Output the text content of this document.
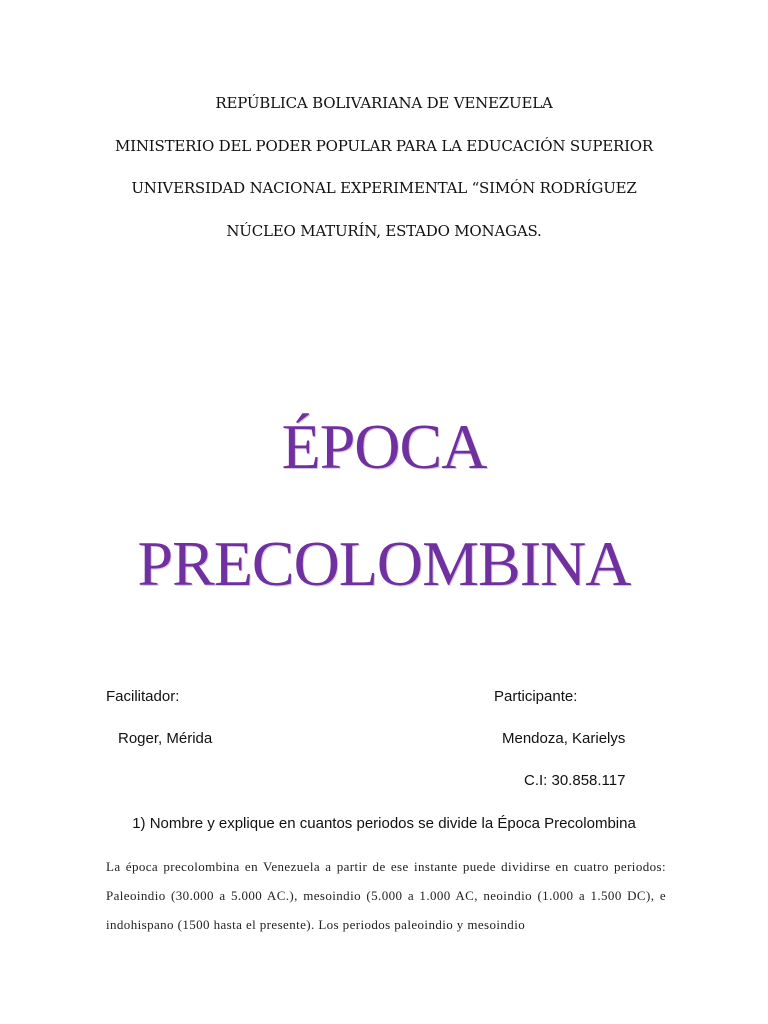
REPÚBLICA BOLIVARIANA DE VENEZUELA
MINISTERIO DEL PODER POPULAR PARA LA EDUCACIÓN SUPERIOR
UNIVERSIDAD NACIONAL EXPERIMENTAL “SIMÓN RODRÍGUEZ
NÚCLEO MATURÍN, ESTADO MONAGAS.
ÉPOCA
PRECOLOMBINA
Facilitador:
Roger, Mérida
Participante:
Mendoza, Karielys
C.I: 30.858.117
1) Nombre y explique en cuantos periodos se divide la Época Precolombina
La época precolombina en Venezuela a partir de ese instante puede dividirse en cuatro periodos: Paleoindio (30.000 a 5.000 AC.), mesoindio (5.000 a 1.000 AC, neoindio (1.000 a 1.500 DC), e indohispano (1500 hasta el presente). Los periodos paleoindio y mesoindio
